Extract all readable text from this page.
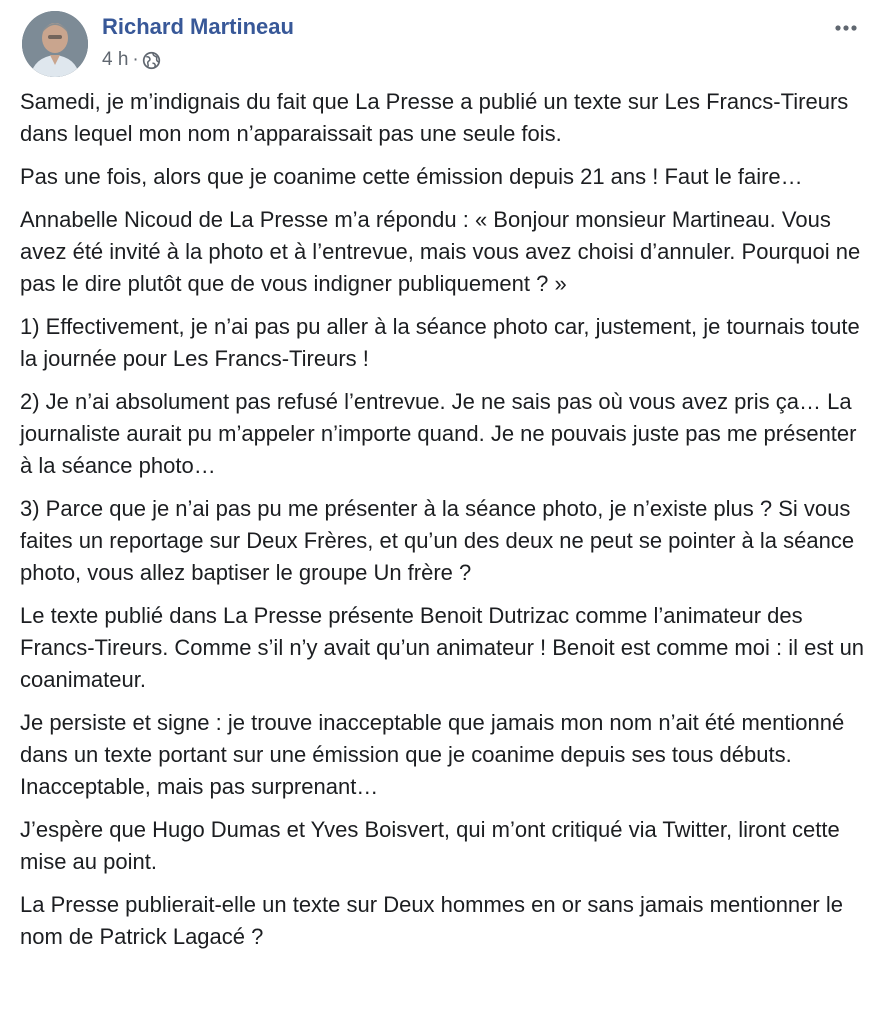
Richard Martineau
4 h ·

Samedi, je m’indignais du fait que La Presse a publié un texte sur Les Francs-Tireurs dans lequel mon nom n’apparaissait pas une seule fois.

Pas une fois, alors que je coanime cette émission depuis 21 ans ! Faut le faire…

Annabelle Nicoud de La Presse m’a répondu : « Bonjour monsieur Martineau. Vous avez été invité à la photo et à l’entrevue, mais vous avez choisi d’annuler. Pourquoi ne pas le dire plutôt que de vous indigner publiquement ? »

1) Effectivement, je n’ai pas pu aller à la séance photo car, justement, je tournais toute la journée pour Les Francs-Tireurs !

2) Je n’ai absolument pas refusé l’entrevue. Je ne sais pas où vous avez pris ça… La journaliste aurait pu m’appeler n’importe quand. Je ne pouvais juste pas me présenter à la séance photo…

3) Parce que je n’ai pas pu me présenter à la séance photo, je n’existe plus ? Si vous faites un reportage sur Deux Frères, et qu’un des deux ne peut se pointer à la séance photo, vous allez baptiser le groupe Un frère ?

Le texte publié dans La Presse présente Benoit Dutrizac comme l’animateur des Francs-Tireurs. Comme s’il n’y avait qu’un animateur ! Benoit est comme moi : il est un coanimateur.

Je persiste et signe : je trouve inacceptable que jamais mon nom n’ait été mentionné dans un texte portant sur une émission que je coanime depuis ses tous débuts. Inacceptable, mais pas surprenant…

J’espère que Hugo Dumas et Yves Boisvert, qui m’ont critiqué via Twitter, liront cette mise au point.

La Presse publierait-elle un texte sur Deux hommes en or sans jamais mentionner le nom de Patrick Lagacé ?
